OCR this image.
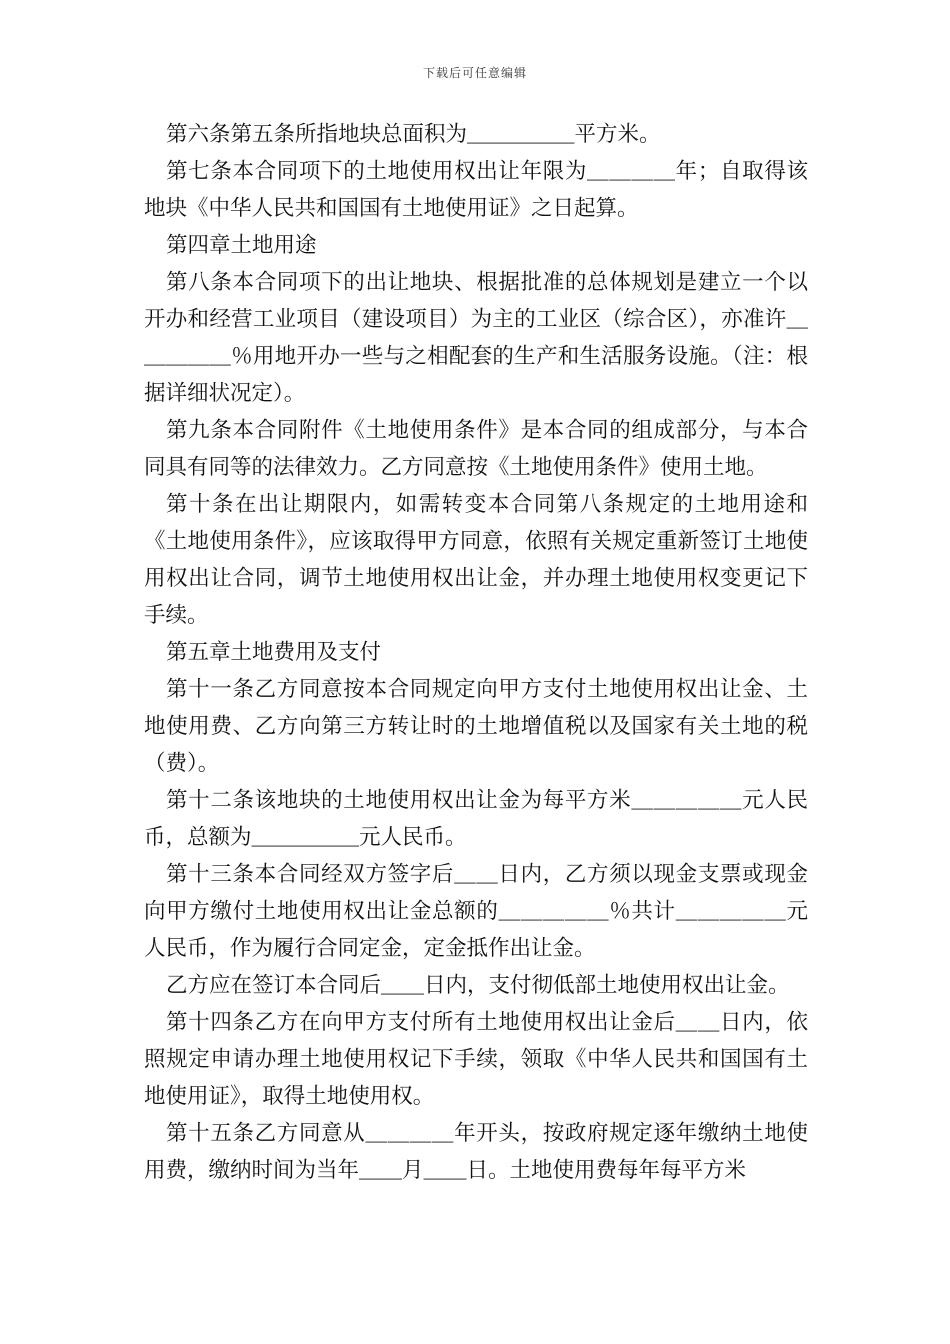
下载后可任意编辑

第六条第五条所指地块总面积为＿＿＿＿＿平方米。

第七条本合同项下的土地使用权出让年限为＿＿＿＿年；自取得该地块《中华人民共和国国有土地使用证》之日起算。

第四章土地用途

第八条本合同项下的出让地块、根据批准的总体规划是建立一个以开办和经营工业项目（建设项目）为主的工业区（综合区），亦准许＿＿＿＿＿％用地开办一些与之相配套的生产和生活服务设施。（注：根据详细状况定）。

第九条本合同附件《土地使用条件》是本合同的组成部分，与本合同具有同等的法律效力。乙方同意按《土地使用条件》使用土地。

第十条在出让期限内，如需转变本合同第八条规定的土地用途和《土地使用条件》，应该取得甲方同意，依照有关规定重新签订土地使用权出让合同，调节土地使用权出让金，并办理土地使用权变更记下手续。

第五章土地费用及支付

第十一条乙方同意按本合同规定向甲方支付土地使用权出让金、土地使用费、乙方向第三方转让时的土地增值税以及国家有关土地的税（费）。

第十二条该地块的土地使用权出让金为每平方米＿＿＿＿＿元人民币，总额为＿＿＿＿＿元人民币。

第十三条本合同经双方签字后＿＿日内，乙方须以现金支票或现金向甲方缴付土地使用权出让金总额的＿＿＿＿＿％共计＿＿＿＿＿元人民币，作为履行合同定金，定金抵作出让金。

乙方应在签订本合同后＿＿日内，支付彻低部土地使用权出让金。

第十四条乙方在向甲方支付所有土地使用权出让金后＿＿日内，依照规定申请办理土地使用权记下手续，领取《中华人民共和国国有土地使用证》，取得土地使用权。

第十五条乙方同意从＿＿＿＿年开头，按政府规定逐年缴纳土地使用费，缴纳时间为当年＿＿月＿＿日。土地使用费每年每平方米
